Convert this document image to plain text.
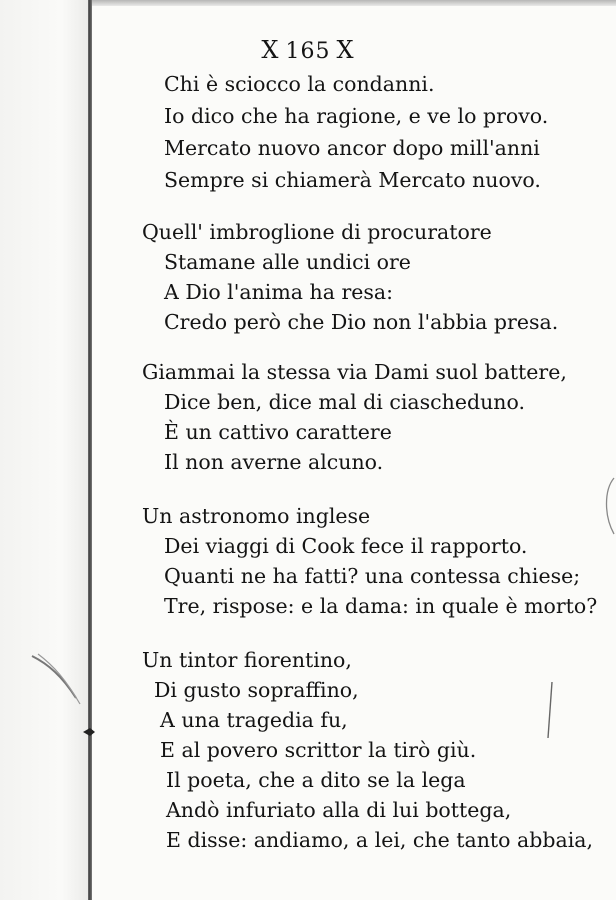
X 165 X
Chi è sciocco la condanni.
Io dico che ha ragione, e ve lo provo.
Mercato nuovo ancor dopo mill'anni
Sempre si chiamerà Mercato nuovo.
Quell' imbroglione di procuratore
Stamane alle undici ore
A Dio l'anima ha resa:
Credo però che Dio non l'abbia presa.
Giammai la stessa via Dami suol battere,
Dice ben, dice mal di ciascheduno.
È un cattivo carattere
Il non averne alcuno.
Un astronomo inglese
Dei viaggi di Cook fece il rapporto.
Quanti ne ha fatti? una contessa chiese;
Tre, rispose: e la dama: in quale è morto?
Un tintor fiorentino,
Di gusto sopraffino,
A una tragedia fu,
E al povero scrittor la tirò giù.
Il poeta, che a dito se la lega
Andò infuriato alla di lui bottega,
E disse: andiamo, a lei, che tanto abbaia,
